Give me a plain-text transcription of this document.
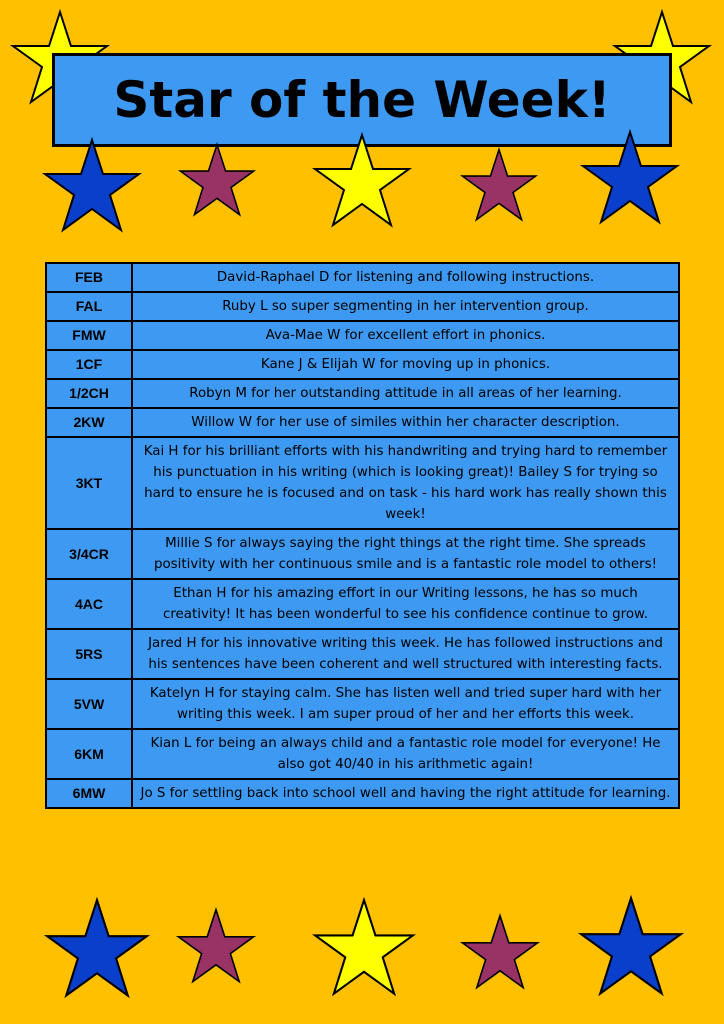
Star of the Week!
FEB	David-Raphael D for listening and following instructions.
FAL	Ruby L so super segmenting in her intervention group.
FMW	Ava-Mae W for excellent effort in phonics.
1CF	Kane J & Elijah W for moving up in phonics.
1/2CH	Robyn M for her outstanding attitude in all areas of her learning.
2KW	Willow W for her use of similes within her character description.
3KT	Kai H for his brilliant efforts with his handwriting and trying hard to remember his punctuation in his writing (which is looking great)! Bailey S for trying so hard to ensure he is focused and on task - his hard work has really shown this week!
3/4CR	Millie S for always saying the right things at the right time. She spreads positivity with her continuous smile and is a fantastic role model to others!
4AC	Ethan H for his amazing effort in our Writing lessons, he has so much creativity! It has been wonderful to see his confidence continue to grow.
5RS	Jared H for his innovative writing this week. He has followed instructions and his sentences have been coherent and well structured with interesting facts.
5VW	Katelyn H for staying calm. She has listen well and tried super hard with her writing this week. I am super proud of her and her efforts this week.
6KM	Kian L for being an always child and a fantastic role model for everyone! He also got 40/40 in his arithmetic again!
6MW	Jo S for settling back into school well and having the right attitude for learning.
